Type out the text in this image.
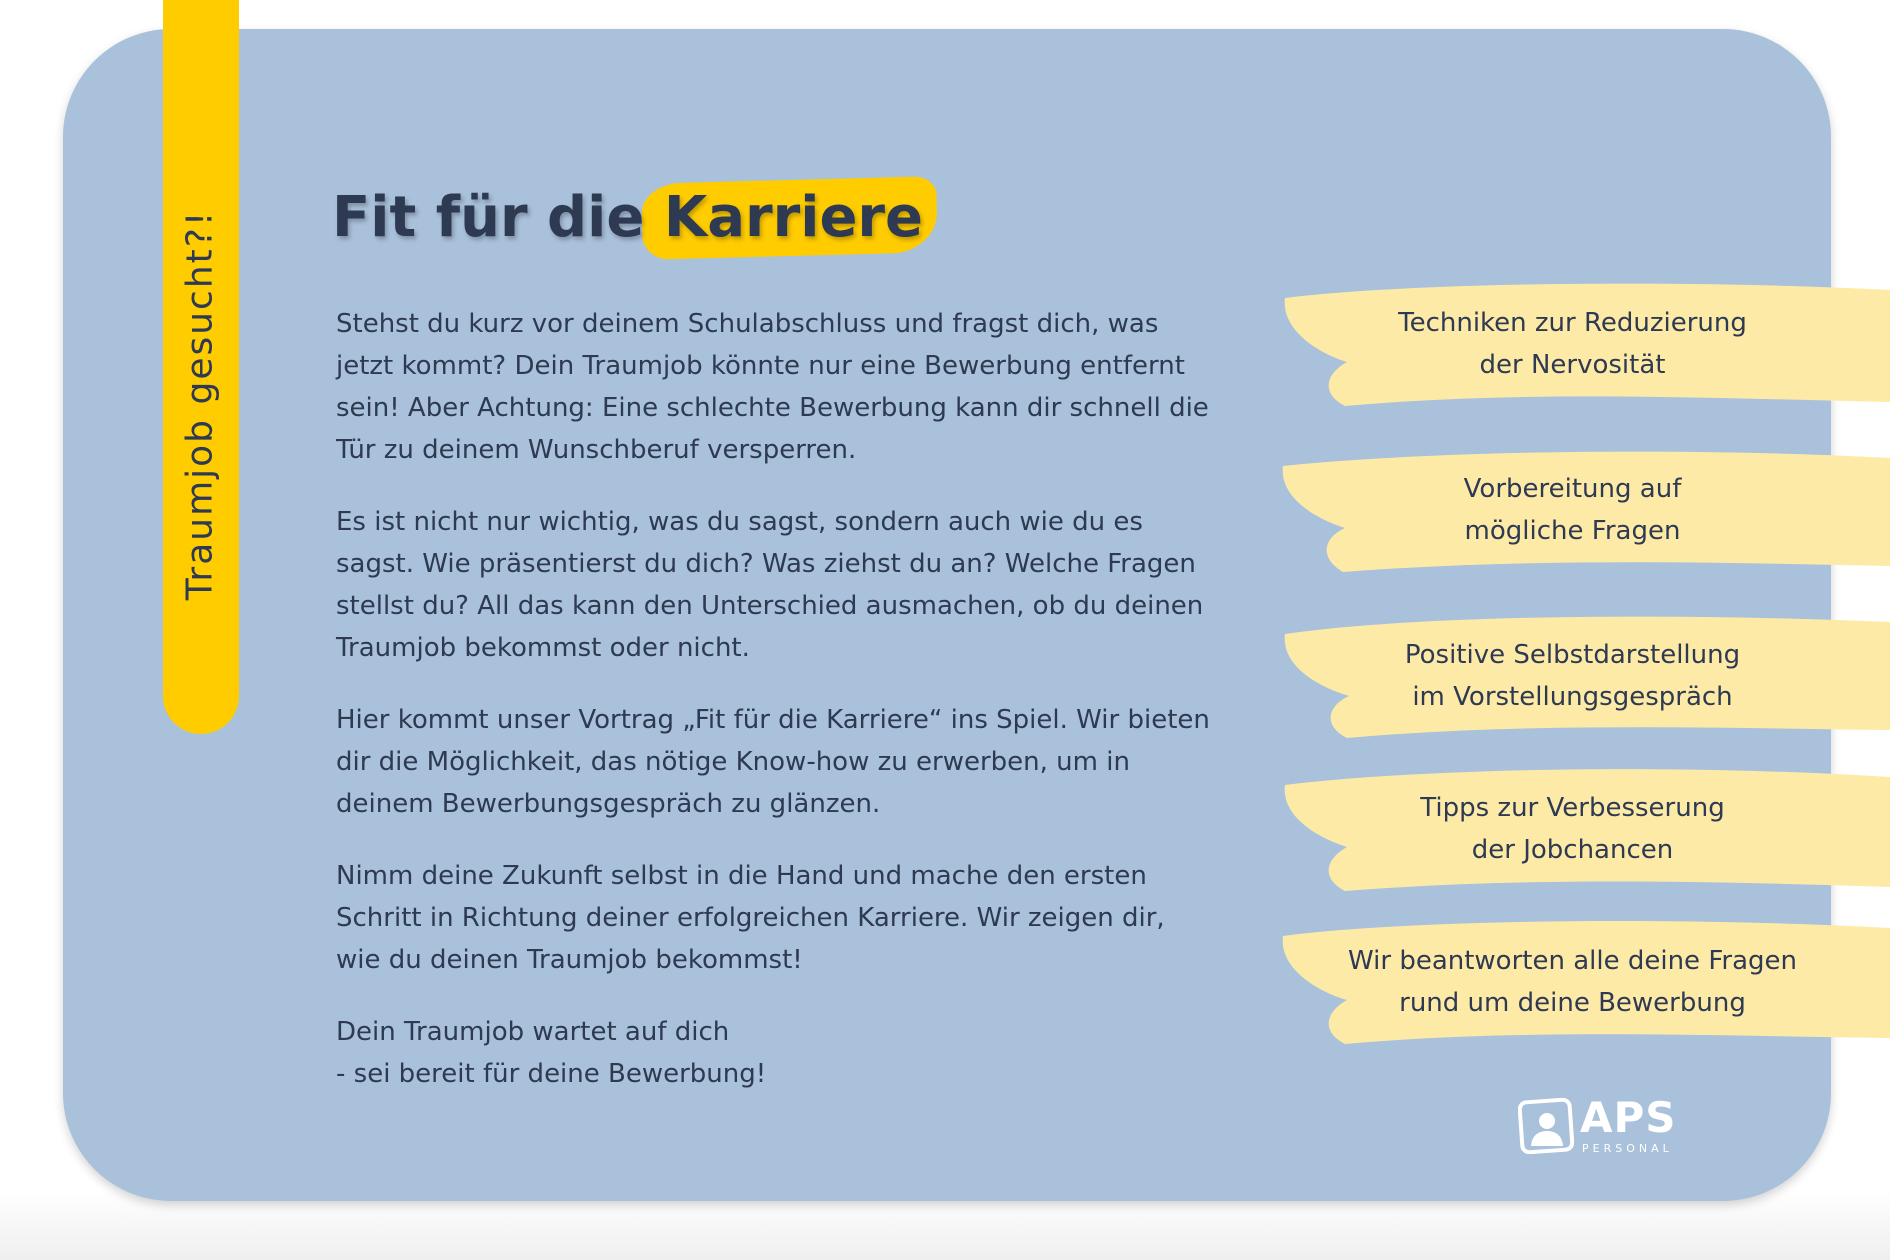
Traumjob gesucht?! Fit für die
Karriere

Stehst du kurz vor deinem Schulabschluss und fragst dich, was jetzt kommt? Dein Traumjob könnte nur eine Bewerbung entfernt sein! Aber Achtung: Eine schlechte Bewerbung kann dir schnell die Tür zu deinem Wunschberuf versperren.

Es ist nicht nur wichtig, was du sagst, sondern auch wie du es sagst. Wie präsentierst du dich? Was ziehst du an? Welche Fragen stellst du? All das kann den Unterschied ausmachen, ob du deinen Traumjob bekommst oder nicht.

Hier kommt unser Vortrag „Fit für die Karriere“ ins Spiel. Wir bieten dir die Möglichkeit, das nötige Know-how zu erwerben, um in deinem Bewerbungsgespräch zu glänzen.

Nimm deine Zukunft selbst in die Hand und mache den ersten Schritt in Richtung deiner erfolgreichen Karriere. Wir zeigen dir, wie du deinen Traumjob bekommst!

Dein Traumjob wartet auf dich
- sei bereit für deine Bewerbung!

Techniken zur Reduzierung
der Nervosität
Vorbereitung auf
mögliche Fragen
Positive Selbstdarstellung
im Vorstellungsgespräch
Tipps zur Verbesserung
der Jobchancen
Wir beantworten alle deine Fragen
rund um deine Bewerbung
APS
PERSONAL
